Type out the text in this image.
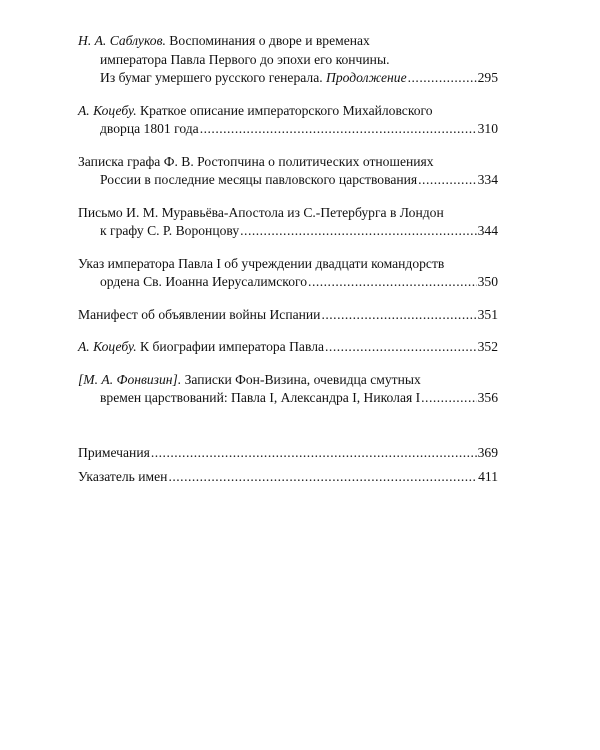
Н. А. Саблуков. Воспоминания о дворе и временах
императора Павла Первого до эпохи его кончины.
Из бумаг умершего русского генерала. Продолжение .....	295
А. Коцебу. Краткое описание императорского Михайловского
дворца 1801 года .....	310
Записка графа Ф. В. Ростопчина о политических отношениях
России в последние месяцы павловского царствования .....	334
Письмо И. М. Муравьёва-Апостола из С.-Петербурга в Лондон
к графу С. Р. Воронцову .....	344
Указ императора Павла I об учреждении двадцати командорств
ордена Св. Иоанна Иерусалимского .....	350
Манифест об объявлении войны Испании .....	351
А. Коцебу. К биографии императора Павла .....	352
[М. А. Фонвизин]. Записки Фон-Визина, очевидца смутных
времен царствований: Павла I, Александра I, Николая I .....	356
Примечания .....	369
Указатель имен .....	411
